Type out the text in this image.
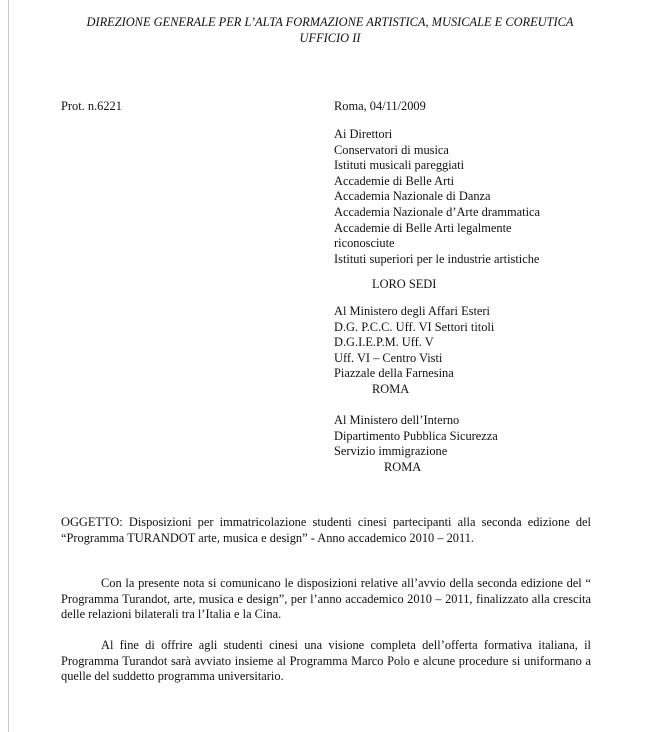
DIREZIONE GENERALE PER L’ALTA FORMAZIONE ARTISTICA, MUSICALE E COREUTICA
UFFICIO II
Prot. n.6221	Roma, 04/11/2009
Ai Direttori
Conservatori di musica
Istituti musicali pareggiati
Accademie di Belle Arti
Accademia Nazionale di Danza
Accademia Nazionale d’Arte drammatica
Accademie di Belle Arti legalmente
riconosciute
Istituti superiori per le industrie artistiche
LORO SEDI
Al Ministero degli Affari Esteri
D.G. P.C.C. Uff. VI Settori titoli
D.G.I.E.P.M. Uff. V
Uff. VI – Centro Visti
Piazzale della Farnesina
ROMA
Al Ministero dell’Interno
Dipartimento Pubblica Sicurezza
Servizio immigrazione
ROMA
OGGETTO: Disposizioni per immatricolazione studenti cinesi partecipanti alla seconda edizione del “Programma TURANDOT arte, musica e design” - Anno accademico 2010 – 2011.
Con la presente nota si comunicano le disposizioni relative all’avvio della seconda edizione del “ Programma Turandot, arte, musica e design”, per l’anno accademico 2010 – 2011, finalizzato alla crescita delle relazioni bilaterali tra l’Italia e la Cina.
Al fine di offrire agli studenti cinesi una visione completa dell’offerta formativa italiana, il Programma Turandot sarà avviato insieme al Programma Marco Polo e alcune procedure si uniformano a quelle del suddetto programma universitario.
